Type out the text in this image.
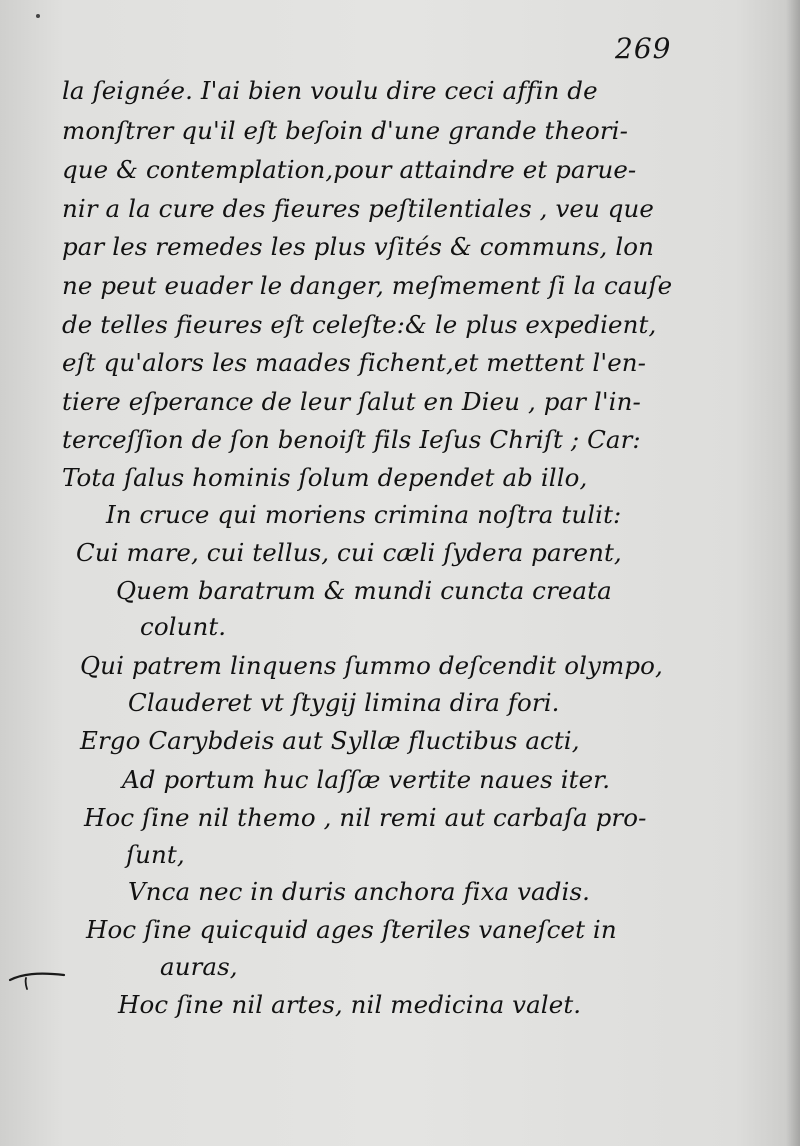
269
la ſeignée. I'ai bien voulu dire ceci affin de
monſtrer qu'il eſt beſoin d'une grande theori-
que & contemplation,pour attaindre et parue-
nir a la cure des fieures peſtilentiales , veu que
par les remedes les plus vſités & communs, lon
ne peut euader le danger, meſmement ſi la cauſe
de telles fieures eſt celeſte:& le plus expedient,
eſt qu'alors les maades fichent,et mettent l'en-
tiere eſperance de leur ſalut en Dieu , par l'in-
terceſſion de ſon benoiſt fils Ieſus Chriſt ; Car:
Tota ſalus hominis ſolum dependet ab illo,
In cruce qui moriens crimina noſtra tulit:
Cui mare, cui tellus, cui cæli ſydera parent,
Quem baratrum & mundi cuncta creata
colunt.
Qui patrem linquens ſummo deſcendit olympo,
Clauderet vt ſtygij limina dira fori.
Ergo Carybdeis aut Syllæ fluctibus acti,
Ad portum huc laſſæ vertite naues iter.
Hoc ſine nil themo , nil remi aut carbaſa pro-
ſunt,
Vnca nec in duris anchora fixa vadis.
Hoc ſine quicquid ages ſteriles vaneſcet in
auras,
Hoc ſine nil artes, nil medicina valet.
